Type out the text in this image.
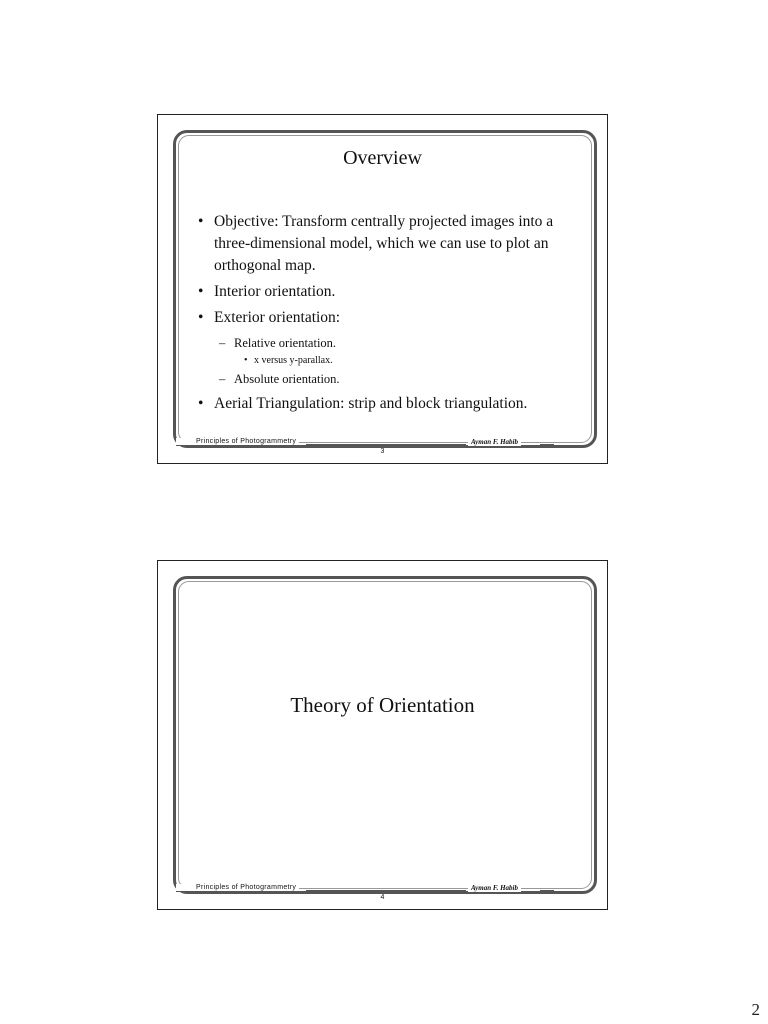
Overview
• Objective: Transform centrally projected images into a three-dimensional model, which we can use to plot an orthogonal map.
• Interior orientation.
• Exterior orientation:
– Relative orientation.
• x versus y-parallax.
– Absolute orientation.
• Aerial Triangulation: strip and block triangulation.
Principles of Photogrammetry	Ayman F. Habib
3
Theory of Orientation
Principles of Photogrammetry	Ayman F. Habib
4
2
